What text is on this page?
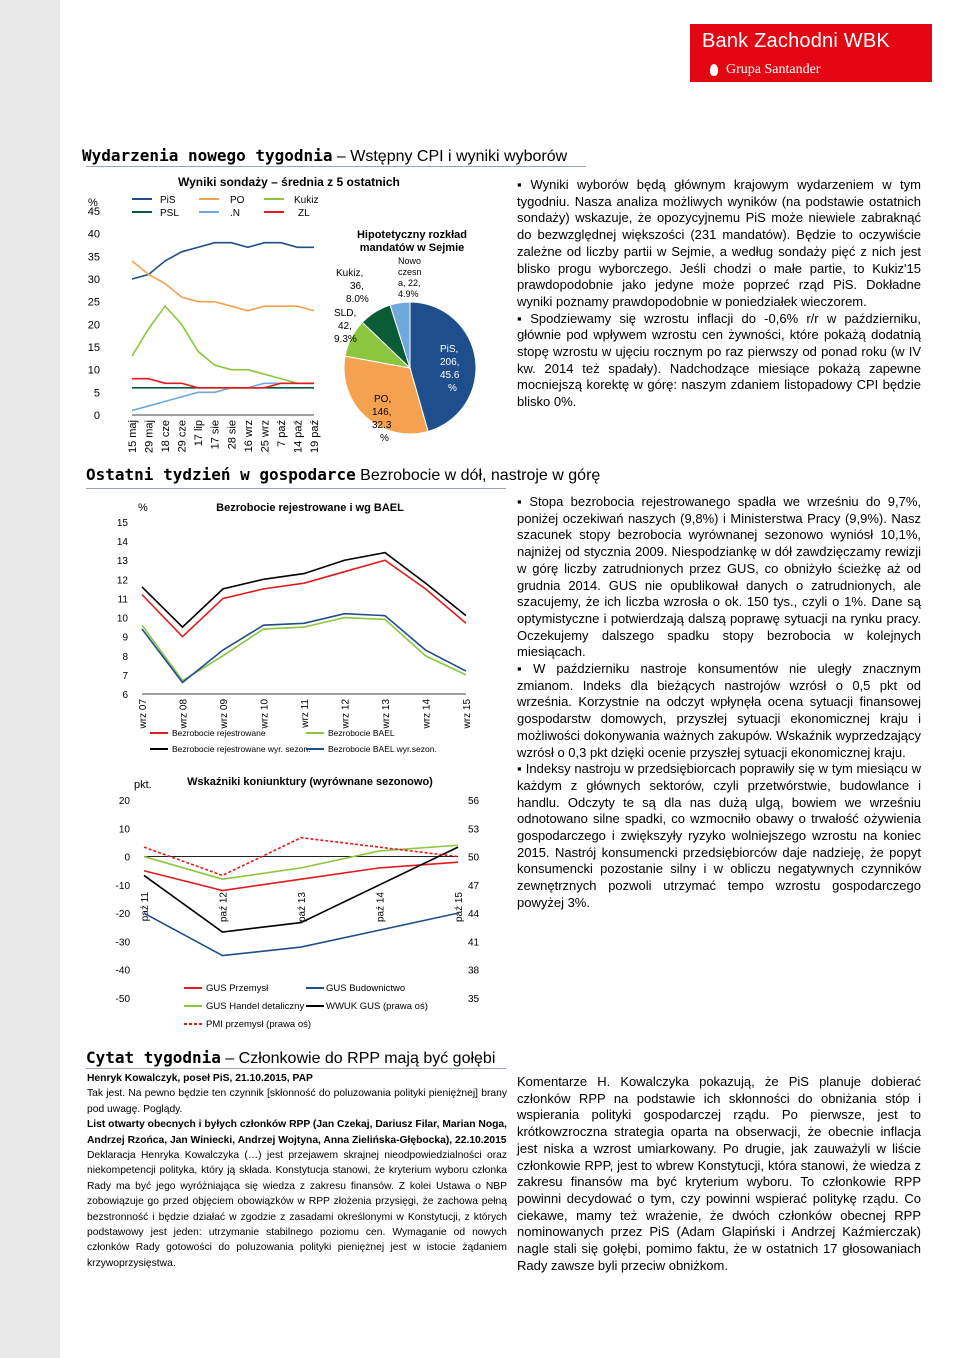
Bank Zachodni WBK
Grupa Santander
Wydarzenia nowego tygodnia – Wstępny CPI i wyniki wyborów
Wyniki sondaży – średnia z 5 ostatnich
PiS	PO	Kukiz
PSL	.N	ZL
15 maj 29 maj 18 cze 29 cze 17 lip 17 sie 28 sie 16 wrz 25 wrz 7 paź 14 paź 19 paź
%
0
5
10
15
20
25
30
35
40
45
Hipotetyczny rozkład
mandatów w Sejmie
Kukiz, 36, 8.0%
SLD, 42, 9.3%
Nowo czesn a, 22, 4.9%
PiS, 206, 45.6 %
PO, 146, 32.3 %

▪ Wyniki wyborów będą głównym krajowym wydarzeniem w tym tygodniu. Nasza analiza możliwych wyników (na podstawie ostatnich sondaży) wskazuje, że opozycyjnemu PiS może niewiele zabraknąć do bezwzględnej większości (231 mandatów). Będzie to oczywiście zależne od liczby partii w Sejmie, a według sondaży pięć z nich jest blisko progu wyborczego. Jeśli chodzi o małe partie, to Kukiz'15 prawdopodobnie jako jedyne może poprzeć rząd PiS. Dokładne wyniki poznamy prawdopodobnie w poniedziałek wieczorem.

▪ Spodziewamy się wzrostu inflacji do -0,6% r/r w październiku, głównie pod wpływem wzrostu cen żywności, które pokażą dodatnią stopę wzrostu w ujęciu rocznym po raz pierwszy od ponad roku (w IV kw. 2014 też spadały). Nadchodzące miesiące pokażą zapewne mocniejszą korektę w górę: naszym zdaniem listopadowy CPI będzie blisko 0%.

Ostatni tydzień w gospodarce Bezrobocie w dół, nastroje w górę
Bezrobocie rejestrowane i wg BAEL
%
6
7
8
9
10
11
12
13
14
15
wrz 07	wrz 08	wrz 09	wrz 10	wrz 11	wrz 12	wrz 13	wrz 14	wrz 15
Bezrobocie rejestrowane	Bezrobocie BAEL
Bezrobocie rejestrowane wyr. sezon. Bezrobocie BAEL wyr.sezon.
Wskaźniki koniunktury (wyrównane sezonowo)
pkt.
-50
-40
-30
-20
-10
0
10
20
35
38
41
44
47
50
53
56
paź 11	paź 12	paź 13	paź 14	paź 15
GUS Przemysł	GUS Budownictwo
GUS Handel detaliczny WWUK GUS (prawa oś)
PMI przemysł (prawa oś)

▪ Stopa bezrobocia rejestrowanego spadła we wrześniu do 9,7%, poniżej oczekiwań naszych (9,8%) i Ministerstwa Pracy (9,9%). Nasz szacunek stopy bezrobocia wyrównanej sezonowo wyniósł 10,1%, najniżej od stycznia 2009. Niespodziankę w dół zawdzięczamy rewizji w górę liczby zatrudnionych przez GUS, co obniżyło ścieżkę aż od grudnia 2014. GUS nie opublikował danych o zatrudnionych, ale szacujemy, że ich liczba wzrosła o ok. 150 tys., czyli o 1%. Dane są optymistyczne i potwierdzają dalszą poprawę sytuacji na rynku pracy. Oczekujemy dalszego spadku stopy bezrobocia w kolejnych miesiącach.

▪ W październiku nastroje konsumentów nie uległy znacznym zmianom. Indeks dla bieżących nastrojów wzrósł o 0,5 pkt od września. Korzystnie na odczyt wpłynęła ocena sytuacji finansowej gospodarstw domowych, przyszłej sytuacji ekonomicznej kraju i możliwości dokonywania ważnych zakupów. Wskaźnik wyprzedzający wzrósł o 0,3 pkt dzięki ocenie przyszłej sytuacji ekonomicznej kraju.

▪ Indeksy nastroju w przedsiębiorcach poprawiły się w tym miesiącu w każdym z głównych sektorów, czyli przetwórstwie, budowlance i handlu. Odczyty te są dla nas dużą ulgą, bowiem we wrześniu odnotowano silne spadki, co wzmocniło obawy o trwałość ożywienia gospodarczego i zwiększyły ryzyko wolniejszego wzrostu na koniec 2015. Nastrój konsumencki przedsiębiorców daje nadzieję, że popyt konsumencki pozostanie silny i w obliczu negatywnych czynników zewnętrznych pozwoli utrzymać tempo wzrostu gospodarczego powyżej 3%.

Cytat tygodnia – Członkowie do RPP mają być gołębi

Henryk Kowalczyk, poseł PiS, 21.10.2015, PAP

Tak jest. Na pewno będzie ten czynnik [skłonność do poluzowania polityki pieniężnej] brany pod uwagę. Poglądy.

List otwarty obecnych i byłych członków RPP (Jan Czekaj, Dariusz Filar, Marian Noga, Andrzej Rzońca, Jan Winiecki, Andrzej Wojtyna, Anna Zielińska-Głębocka), 22.10.2015

Deklaracja Henryka Kowalczyka (…) jest przejawem skrajnej nieodpowiedzialności oraz niekompetencji polityka, który ją składa. Konstytucja stanowi, że kryterium wyboru członka Rady ma być jego wyróżniająca się wiedza z zakresu finansów. Z kolei Ustawa o NBP zobowiązuje go przed objęciem obowiązków w RPP złożenia przysięgi, że zachowa pełną bezstronność i będzie działać w zgodzie z zasadami określonymi w Konstytucji, z których podstawowy jest jeden: utrzymanie stabilnego poziomu cen. Wymaganie od nowych członków Rady gotowości do poluzowania polityki pieniężnej jest w istocie żądaniem krzywoprzysięstwa.

Komentarze H. Kowalczyka pokazują, że PiS planuje dobierać członków RPP na podstawie ich skłonności do obniżania stóp i wspierania polityki gospodarczej rządu. Po pierwsze, jest to krótkowzroczna strategia oparta na obserwacji, że obecnie inflacja jest niska a wzrost umiarkowany. Po drugie, jak zauważyli w liście członkowie RPP, jest to wbrew Konstytucji, która stanowi, że wiedza z zakresu finansów ma być kryterium wyboru. To członkowie RPP powinni decydować o tym, czy powinni wspierać politykę rządu. Co ciekawe, mamy też wrażenie, że dwóch członków obecnej RPP nominowanych przez PiS (Adam Glapiński i Andrzej Kaźmierczak) nagle stali się gołębi, pomimo faktu, że w ostatnich 17 głosowaniach Rady zawsze byli przeciw obniżkom.
